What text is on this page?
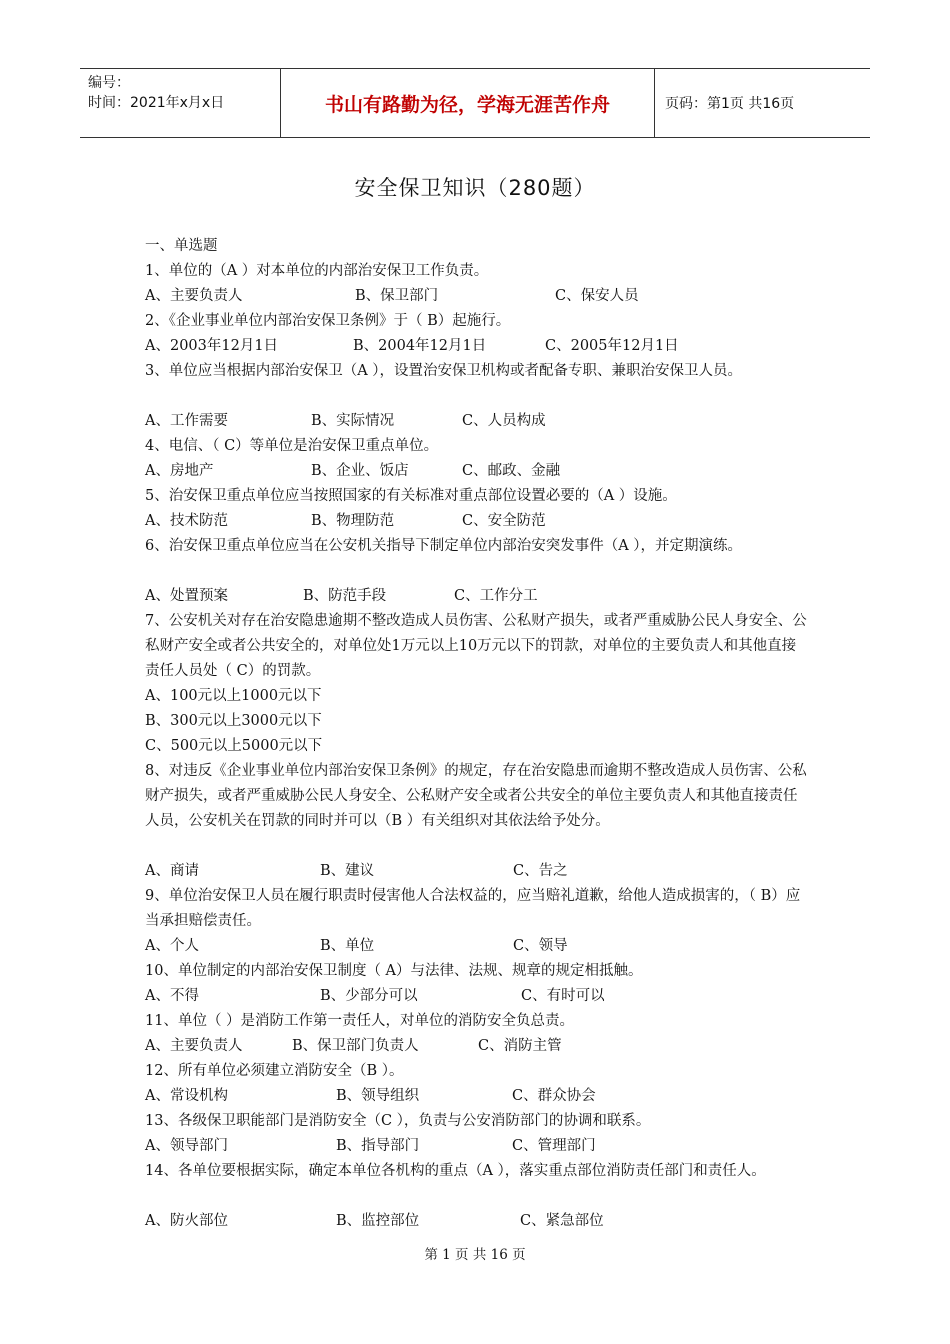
编号：
时间：2021年x月x日	书山有路勤为径，学海无涯苦作舟	页码：第1页 共16页
安全保卫知识（280题）
一、单选题
1、单位的（A ）对本单位的内部治安保卫工作负责。
A、主要负责人	B、保卫部门	C、保安人员
2、《企业事业单位内部治安保卫条例》于（ B）起施行。
A、2003年12月1日	B、2004年12月1日	C、2005年12月1日
3、单位应当根据内部治安保卫（A ），设置治安保卫机构或者配备专职、兼职治安保卫人员。
A、工作需要	B、实际情况	C、人员构成
4、电信、（ C）等单位是治安保卫重点单位。
A、房地产	B、企业、饭店	C、邮政、金融
5、治安保卫重点单位应当按照国家的有关标准对重点部位设置必要的（A ）设施。
A、技术防范	B、物理防范	C、安全防范
6、治安保卫重点单位应当在公安机关指导下制定单位内部治安突发事件（A ），并定期演练。
A、处置预案	B、防范手段	C、工作分工
7、公安机关对存在治安隐患逾期不整改造成人员伤害、公私财产损失，或者严重威胁公民人身安全、公私财产安全或者公共安全的，对单位处1万元以上10万元以下的罚款，对单位的主要负责人和其他直接责任人员处（ C）的罚款。
A、100元以上1000元以下
B、300元以上3000元以下
C、500元以上5000元以下
8、对违反《企业事业单位内部治安保卫条例》的规定，存在治安隐患而逾期不整改造成人员伤害、公私财产损失，或者严重威胁公民人身安全、公私财产安全或者公共安全的单位主要负责人和其他直接责任人员，公安机关在罚款的同时并可以（B ）有关组织对其依法给予处分。
A、商请	B、建议	C、告之
9、单位治安保卫人员在履行职责时侵害他人合法权益的，应当赔礼道歉，给他人造成损害的，（ B）应当承担赔偿责任。
A、个人	B、单位	C、领导
10、单位制定的内部治安保卫制度（ A）与法律、法规、规章的规定相抵触。
A、不得	B、少部分可以	C、有时可以
11、单位（ ）是消防工作第一责任人，对单位的消防安全负总责。
A、主要负责人	B、保卫部门负责人	C、消防主管
12、所有单位必须建立消防安全（B ）。
A、常设机构	B、领导组织	C、群众协会
13、各级保卫职能部门是消防安全（C ），负责与公安消防部门的协调和联系。
A、领导部门	B、指导部门	C、管理部门
14、各单位要根据实际，确定本单位各机构的重点（A ），落实重点部位消防责任部门和责任人。
A、防火部位	B、监控部位	C、紧急部位
第 1 页 共 16 页
